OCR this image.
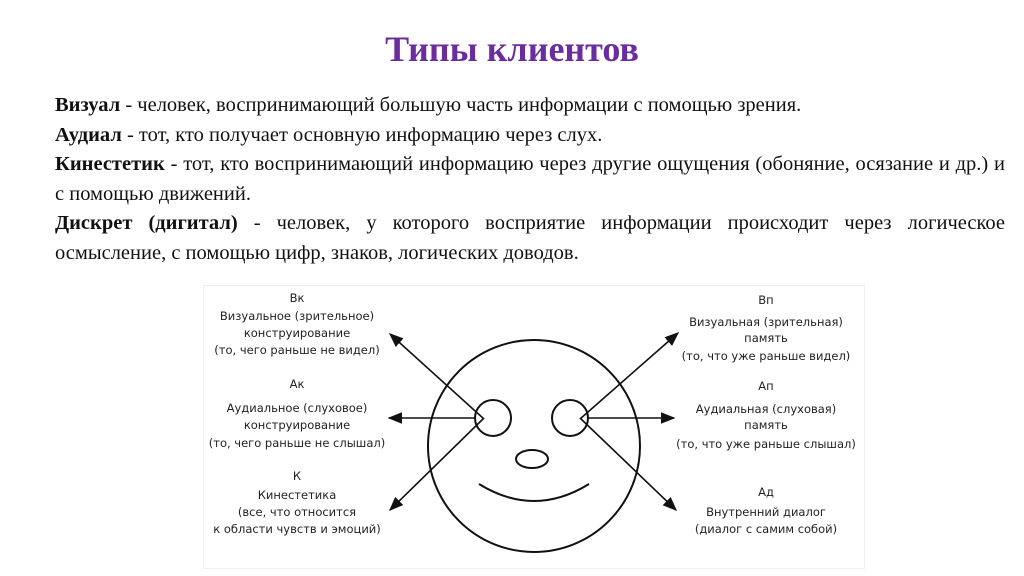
Типы клиентов

Визуал - человек, воспринимающий большую часть информации с помощью зрения.

Аудиал - тот, кто получает основную информацию через слух.

Кинестетик - тот, кто воспринимающий информацию через другие ощущения (обоняние, осязание и др.) и с помощью движений.

Дискрет (дигитал) - человек, у которого восприятие информации происходит через логическое осмысление, с помощью цифр, знаков, логических доводов.

Вк
Визуальное (зрительное)
конструирование
(то, чего раньше не видел)
Ак
Аудиальное (слуховое)
конструирование
(то, чего раньше не слышал)
К
Кинестетика
(все, что относится
к области чувств и эмоций)
Вп
Визуальная (зрительная)
память
(то, что уже раньше видел)
Ап
Аудиальная (слуховая)
память
(то, что уже раньше слышал)
Ад
Внутренний диалог
(диалог с самим собой)
